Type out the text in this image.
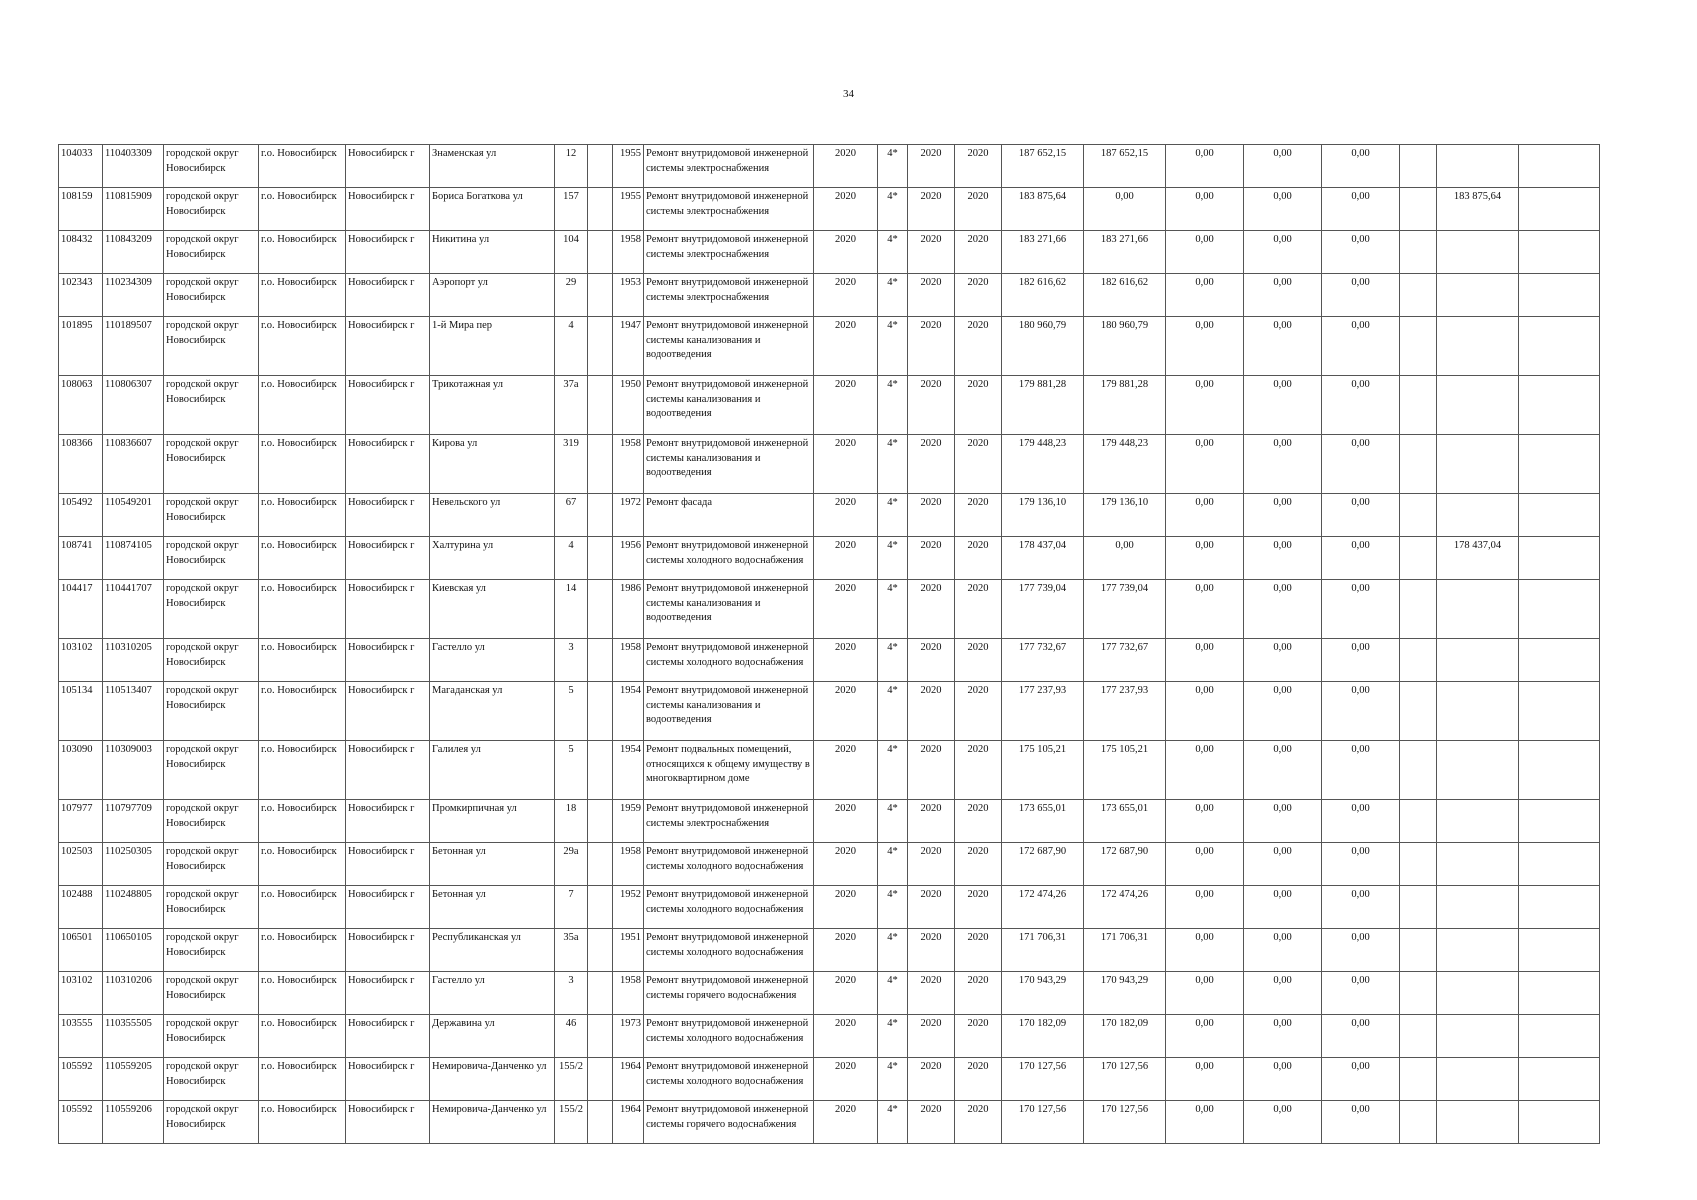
34
104033	110403309	городской округ Новосибирск	г.о. Новосибирск	Новосибирск г	Знаменская ул	12		1955	Ремонт внутридомовой инженерной системы электроснабжения	2020	4*	2020	2020	187 652,15	187 652,15	0,00	0,00	0,00			
108159	110815909	городской округ Новосибирск	г.о. Новосибирск	Новосибирск г	Бориса Богаткова ул	157		1955	Ремонт внутридомовой инженерной системы электроснабжения	2020	4*	2020	2020	183 875,64	0,00	0,00	0,00	0,00		183 875,64	
108432	110843209	городской округ Новосибирск	г.о. Новосибирск	Новосибирск г	Никитина ул	104		1958	Ремонт внутридомовой инженерной системы электроснабжения	2020	4*	2020	2020	183 271,66	183 271,66	0,00	0,00	0,00			
102343	110234309	городской округ Новосибирск	г.о. Новосибирск	Новосибирск г	Аэропорт ул	29		1953	Ремонт внутридомовой инженерной системы электроснабжения	2020	4*	2020	2020	182 616,62	182 616,62	0,00	0,00	0,00			
101895	110189507	городской округ Новосибирск	г.о. Новосибирск	Новосибирск г	1-й Мира пер	4		1947	Ремонт внутридомовой инженерной системы канализования и водоотведения	2020	4*	2020	2020	180 960,79	180 960,79	0,00	0,00	0,00			
108063	110806307	городской округ Новосибирск	г.о. Новосибирск	Новосибирск г	Трикотажная ул	37а		1950	Ремонт внутридомовой инженерной системы канализования и водоотведения	2020	4*	2020	2020	179 881,28	179 881,28	0,00	0,00	0,00			
108366	110836607	городской округ Новосибирск	г.о. Новосибирск	Новосибирск г	Кирова ул	319		1958	Ремонт внутридомовой инженерной системы канализования и водоотведения	2020	4*	2020	2020	179 448,23	179 448,23	0,00	0,00	0,00			
105492	110549201	городской округ Новосибирск	г.о. Новосибирск	Новосибирск г	Невельского ул	67		1972	Ремонт фасада	2020	4*	2020	2020	179 136,10	179 136,10	0,00	0,00	0,00			
108741	110874105	городской округ Новосибирск	г.о. Новосибирск	Новосибирск г	Халтурина ул	4		1956	Ремонт внутридомовой инженерной системы холодного водоснабжения	2020	4*	2020	2020	178 437,04	0,00	0,00	0,00	0,00		178 437,04	
104417	110441707	городской округ Новосибирск	г.о. Новосибирск	Новосибирск г	Киевская ул	14		1986	Ремонт внутридомовой инженерной системы канализования и водоотведения	2020	4*	2020	2020	177 739,04	177 739,04	0,00	0,00	0,00			
103102	110310205	городской округ Новосибирск	г.о. Новосибирск	Новосибирск г	Гастелло ул	3		1958	Ремонт внутридомовой инженерной системы холодного водоснабжения	2020	4*	2020	2020	177 732,67	177 732,67	0,00	0,00	0,00			
105134	110513407	городской округ Новосибирск	г.о. Новосибирск	Новосибирск г	Магаданская ул	5		1954	Ремонт внутридомовой инженерной системы канализования и водоотведения	2020	4*	2020	2020	177 237,93	177 237,93	0,00	0,00	0,00			
103090	110309003	городской округ Новосибирск	г.о. Новосибирск	Новосибирск г	Галилея ул	5		1954	Ремонт подвальных помещений, относящихся к общему имуществу в многоквартирном доме	2020	4*	2020	2020	175 105,21	175 105,21	0,00	0,00	0,00			
107977	110797709	городской округ Новосибирск	г.о. Новосибирск	Новосибирск г	Промкирпичная ул	18		1959	Ремонт внутридомовой инженерной системы электроснабжения	2020	4*	2020	2020	173 655,01	173 655,01	0,00	0,00	0,00			
102503	110250305	городской округ Новосибирск	г.о. Новосибирск	Новосибирск г	Бетонная ул	29а		1958	Ремонт внутридомовой инженерной системы холодного водоснабжения	2020	4*	2020	2020	172 687,90	172 687,90	0,00	0,00	0,00			
102488	110248805	городской округ Новосибирск	г.о. Новосибирск	Новосибирск г	Бетонная ул	7		1952	Ремонт внутридомовой инженерной системы холодного водоснабжения	2020	4*	2020	2020	172 474,26	172 474,26	0,00	0,00	0,00			
106501	110650105	городской округ Новосибирск	г.о. Новосибирск	Новосибирск г	Республиканская ул	35а		1951	Ремонт внутридомовой инженерной системы холодного водоснабжения	2020	4*	2020	2020	171 706,31	171 706,31	0,00	0,00	0,00			
103102	110310206	городской округ Новосибирск	г.о. Новосибирск	Новосибирск г	Гастелло ул	3		1958	Ремонт внутридомовой инженерной системы горячего водоснабжения	2020	4*	2020	2020	170 943,29	170 943,29	0,00	0,00	0,00			
103555	110355505	городской округ Новосибирск	г.о. Новосибирск	Новосибирск г	Державина ул	46		1973	Ремонт внутридомовой инженерной системы холодного водоснабжения	2020	4*	2020	2020	170 182,09	170 182,09	0,00	0,00	0,00			
105592	110559205	городской округ Новосибирск	г.о. Новосибирск	Новосибирск г	Немировича-Данченко ул	155/2		1964	Ремонт внутридомовой инженерной системы холодного водоснабжения	2020	4*	2020	2020	170 127,56	170 127,56	0,00	0,00	0,00			
105592	110559206	городской округ Новосибирск	г.о. Новосибирск	Новосибирск г	Немировича-Данченко ул	155/2		1964	Ремонт внутридомовой инженерной системы горячего водоснабжения	2020	4*	2020	2020	170 127,56	170 127,56	0,00	0,00	0,00			
